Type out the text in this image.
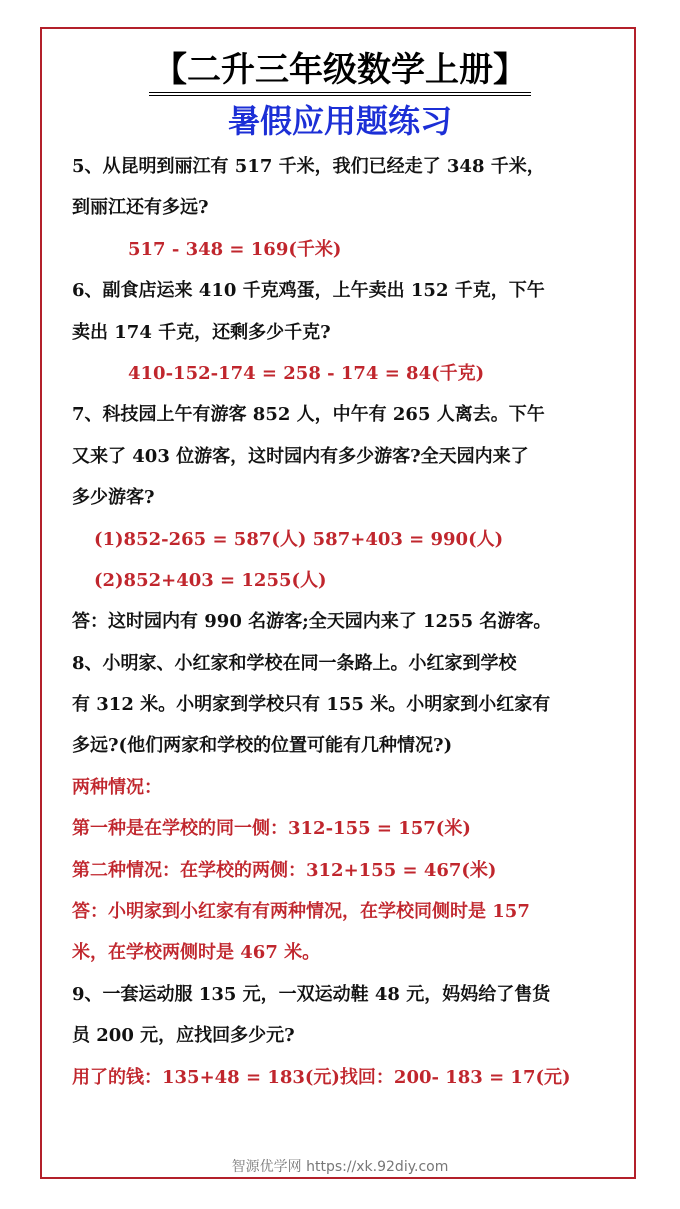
【二升三年级数学上册】
暑假应用题练习
5、从昆明到丽江有 517 千米，我们已经走了 348 千米，
到丽江还有多远?
517 - 348 = 169(千米)
6、副食店运来 410 千克鸡蛋，上午卖出 152 千克，下午
卖出 174 千克，还剩多少千克?
410-152-174 = 258 - 174 = 84(千克)
7、科技园上午有游客 852 人，中午有 265 人离去。下午
又来了 403 位游客，这时园内有多少游客?全天园内来了
多少游客?
(1)852-265 = 587(人) 587+403 = 990(人)
(2)852+403 = 1255(人)
答：这时园内有 990 名游客;全天园内来了 1255 名游客。
8、小明家、小红家和学校在同一条路上。小红家到学校
有 312 米。小明家到学校只有 155 米。小明家到小红家有
多远?(他们两家和学校的位置可能有几种情况?)
两种情况：
第一种是在学校的同一侧：312-155 = 157(米)
第二种情况：在学校的两侧：312+155 = 467(米)
答：小明家到小红家有有两种情况，在学校同侧时是 157
米，在学校两侧时是 467 米。
9、一套运动服 135 元，一双运动鞋 48 元，妈妈给了售货
员 200 元，应找回多少元?
用了的钱：135+48 = 183(元)找回：200- 183 = 17(元)
智源优学网 https://xk.92diy.com
